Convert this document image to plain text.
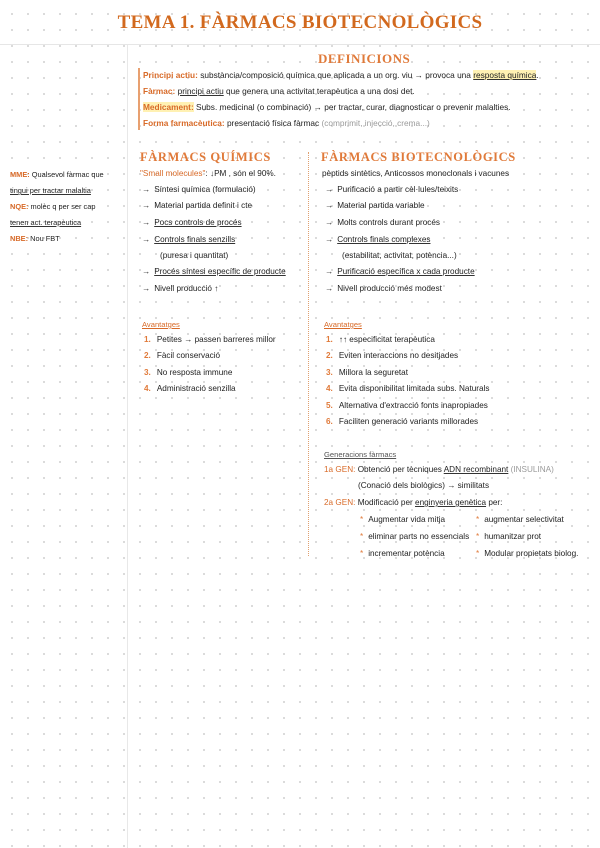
TEMA 1. FÀRMACS BIOTECNOLÒGICS
DEFINICIONS
Principi actiu: substància/composició química que aplicada a un org. viu → provoca una resposta química.
Fàrmac: principi actiu que genera una activitat terapèutica a una dosi det.
Medicament: Subs. medicinal (o combinació) → per tractar, curar, diagnosticar o prevenir malalties.
Forma farmacèutica: presentació física fàrmac (comprimit, injecció, crema...)
MME: Qualsevol fàrmac que
tingui per tractar malaltia
NQE: molèc q per ser cap
tenen act. terapèutica
NBE: Nou FBT
FÀRMACS QUÍMICS
"Small molecules": ↓PM , són el 90%.
→ Síntesi química (formulació)
→ Material partida definit i cte
→ Pocs controls de procés
→ Controls finals senzills
(puresa i quantitat)
→ Procés síntesi específic de producte
→ Nivell producció ↑
Avantatges
1. Petites → passen barreres millor
2. Fàcil conservació
3. No resposta immune
4. Administració senzilla
FÀRMACS BIOTECNOLÒGICS
pèptids sintètics, Anticossos monoclonals i vacunes
→ Purificació a partir cèl·lules/teixits
→ Material partida variable
→ Molts controls durant procés
→ Controls finals complexes
(estabilitat, activitat, potència...)
→ Purificació específica x cada producte
→ Nivell producció més modest
Avantatges
1. ↑↑ especificitat terapèutica
2. Eviten interaccions no desitjades
3. Millora la seguretat
4. Evita disponibilitat limitada subs. Naturals
5. Alternativa d'extracció fonts inapropiades
6. Faciliten generació variants millorades
Generacions fàrmacs
1a GEN: Obtenció per tècniques ADN recombinant (INSULINA)
(Conació dels biològics) → similitats
2a GEN: Modificació per enginyeria genètica per:
* Augmentar vida mitja
* eliminar parts no essencials
* incrementar potència
* augmentar selectivitat
* humanitzar prot
* Modular propietats biolog.
